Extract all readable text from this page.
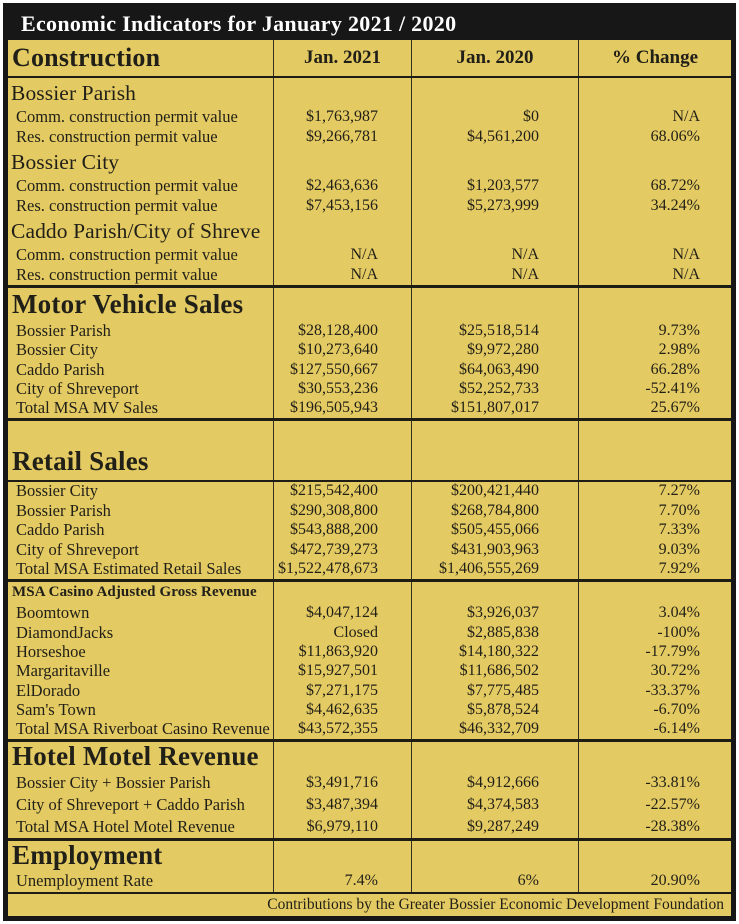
Economic Indicators for January 2021 / 2020
Construction	Jan. 2021	Jan. 2020	% Change
Bossier Parish
Comm. construction permit value	$1,763,987	$0	N/A
Res. construction permit value	$9,266,781	$4,561,200	68.06%
Bossier City
Comm. construction permit value	$2,463,636	$1,203,577	68.72%
Res. construction permit value	$7,453,156	$5,273,999	34.24%
Caddo Parish/City of Shreve
Comm. construction permit value	N/A	N/A	N/A
Res. construction permit value	N/A	N/A	N/A
Motor Vehicle Sales
Bossier Parish	$28,128,400	$25,518,514	9.73%
Bossier City	$10,273,640	$9,972,280	2.98%
Caddo Parish	$127,550,667	$64,063,490	66.28%
City of Shreveport	$30,553,236	$52,252,733	-52.41%
Total MSA MV Sales	$196,505,943	$151,807,017	25.67%
Retail Sales
Bossier City	$215,542,400	$200,421,440	7.27%
Bossier Parish	$290,308,800	$268,784,800	7.70%
Caddo Parish	$543,888,200	$505,455,066	7.33%
City of Shreveport	$472,739,273	$431,903,963	9.03%
Total MSA Estimated Retail Sales	$1,522,478,673	$1,406,555,269	7.92%
MSA Casino Adjusted Gross Revenue
Boomtown	$4,047,124	$3,926,037	3.04%
DiamondJacks	Closed	$2,885,838	-100%
Horseshoe	$11,863,920	$14,180,322	-17.79%
Margaritaville	$15,927,501	$11,686,502	30.72%
ElDorado	$7,271,175	$7,775,485	-33.37%
Sam's Town	$4,462,635	$5,878,524	-6.70%
Total MSA Riverboat Casino Revenue	$43,572,355	$46,332,709	-6.14%
Hotel Motel Revenue
Bossier City + Bossier Parish	$3,491,716	$4,912,666	-33.81%
City of Shreveport + Caddo Parish	$3,487,394	$4,374,583	-22.57%
Total MSA Hotel Motel Revenue	$6,979,110	$9,287,249	-28.38%
Employment
Unemployment Rate	7.4%	6%	20.90%
Contributions by the Greater Bossier Economic Development Foundation
